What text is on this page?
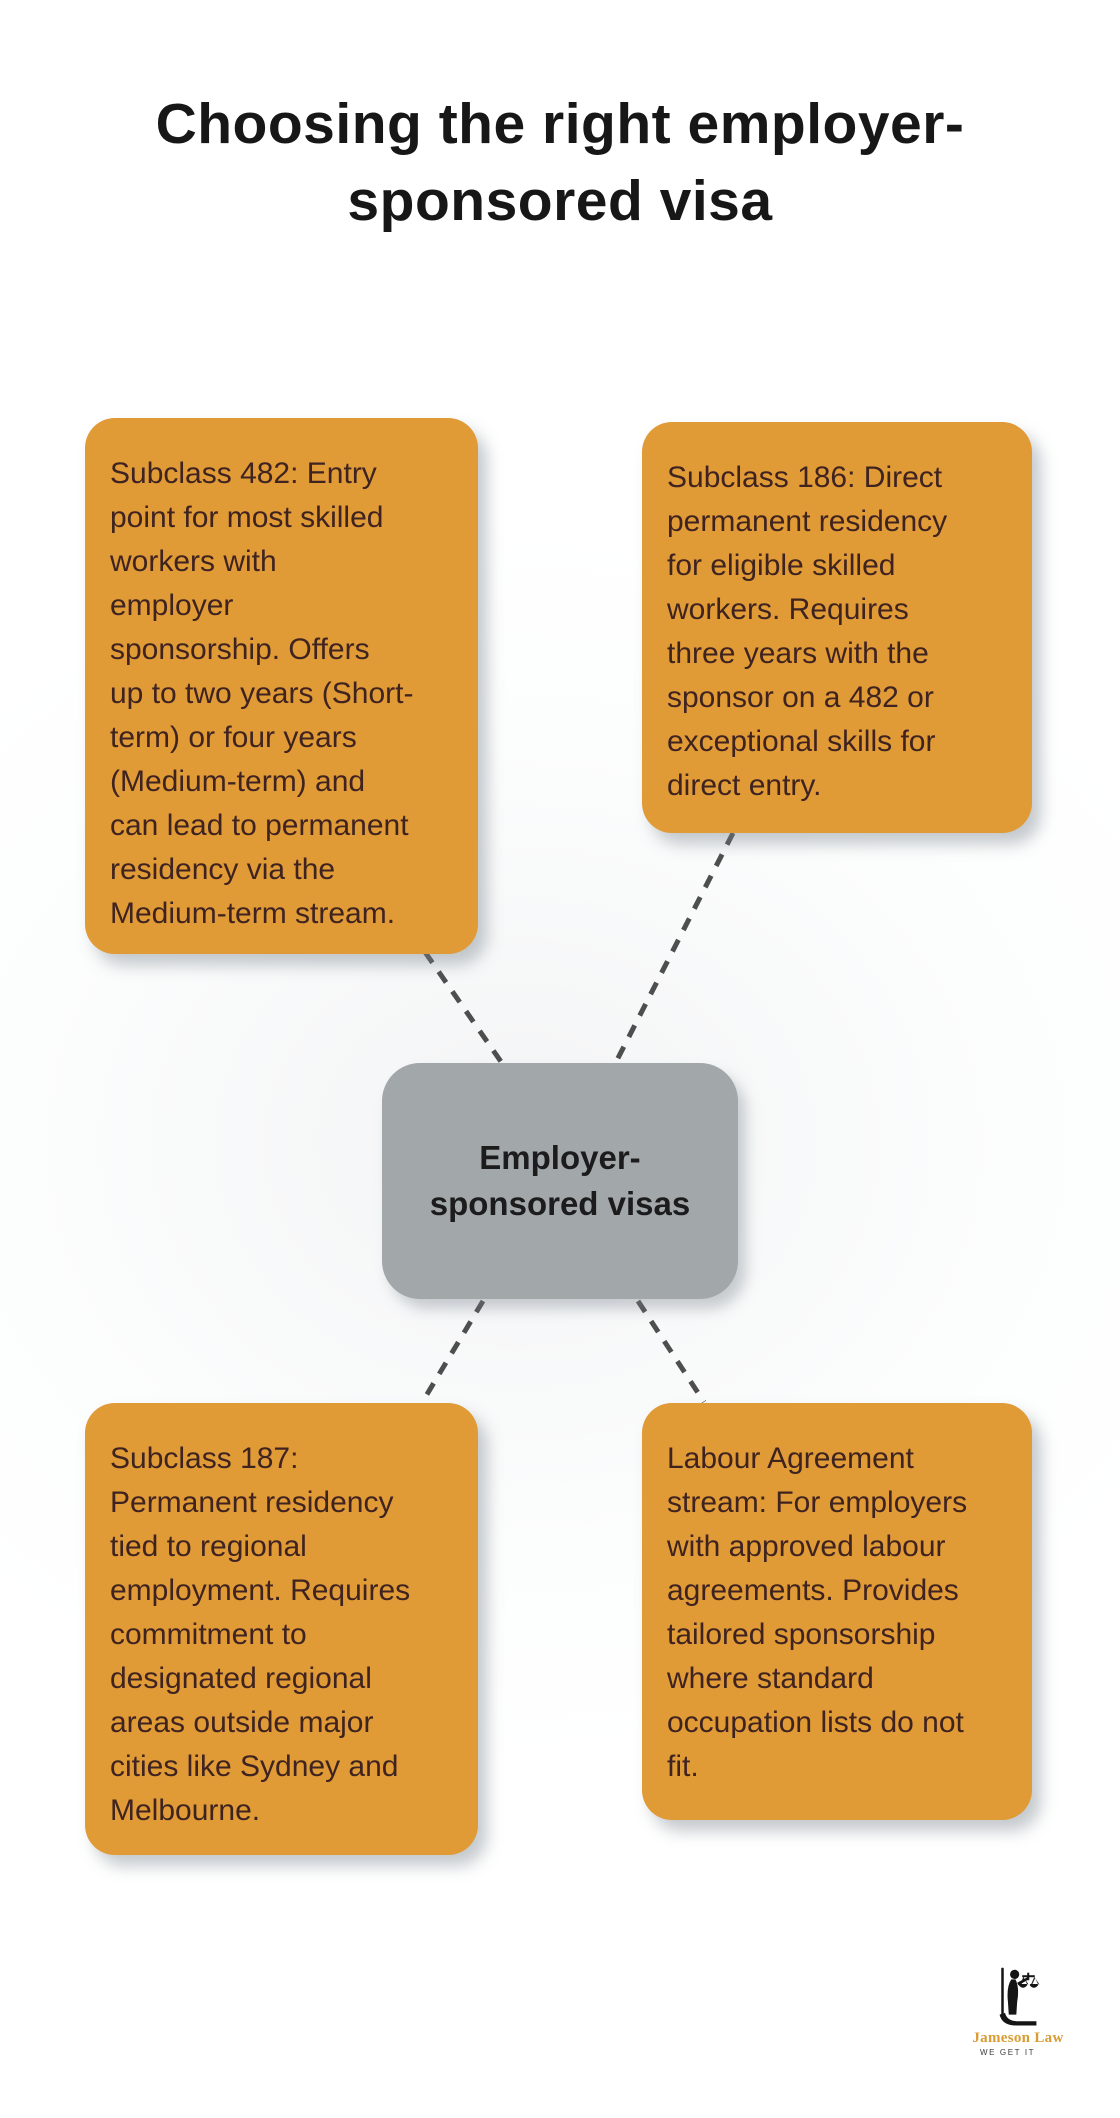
Choosing the right employer-
sponsored visa
Subclass 482: Entry
point for most skilled
workers with
employer
sponsorship. Offers
up to two years (Short-
term) or four years
(Medium-term) and
can lead to permanent
residency via the
Medium-term stream.
Subclass 186: Direct
permanent residency
for eligible skilled
workers. Requires
three years with the
sponsor on a 482 or
exceptional skills for
direct entry.
Employer-
sponsored visas
Subclass 187:
Permanent residency
tied to regional
employment. Requires
commitment to
designated regional
areas outside major
cities like Sydney and
Melbourne.
Labour Agreement
stream: For employers
with approved labour
agreements. Provides
tailored sponsorship
where standard
occupation lists do not
fit.
Jameson Law
WE GET IT
